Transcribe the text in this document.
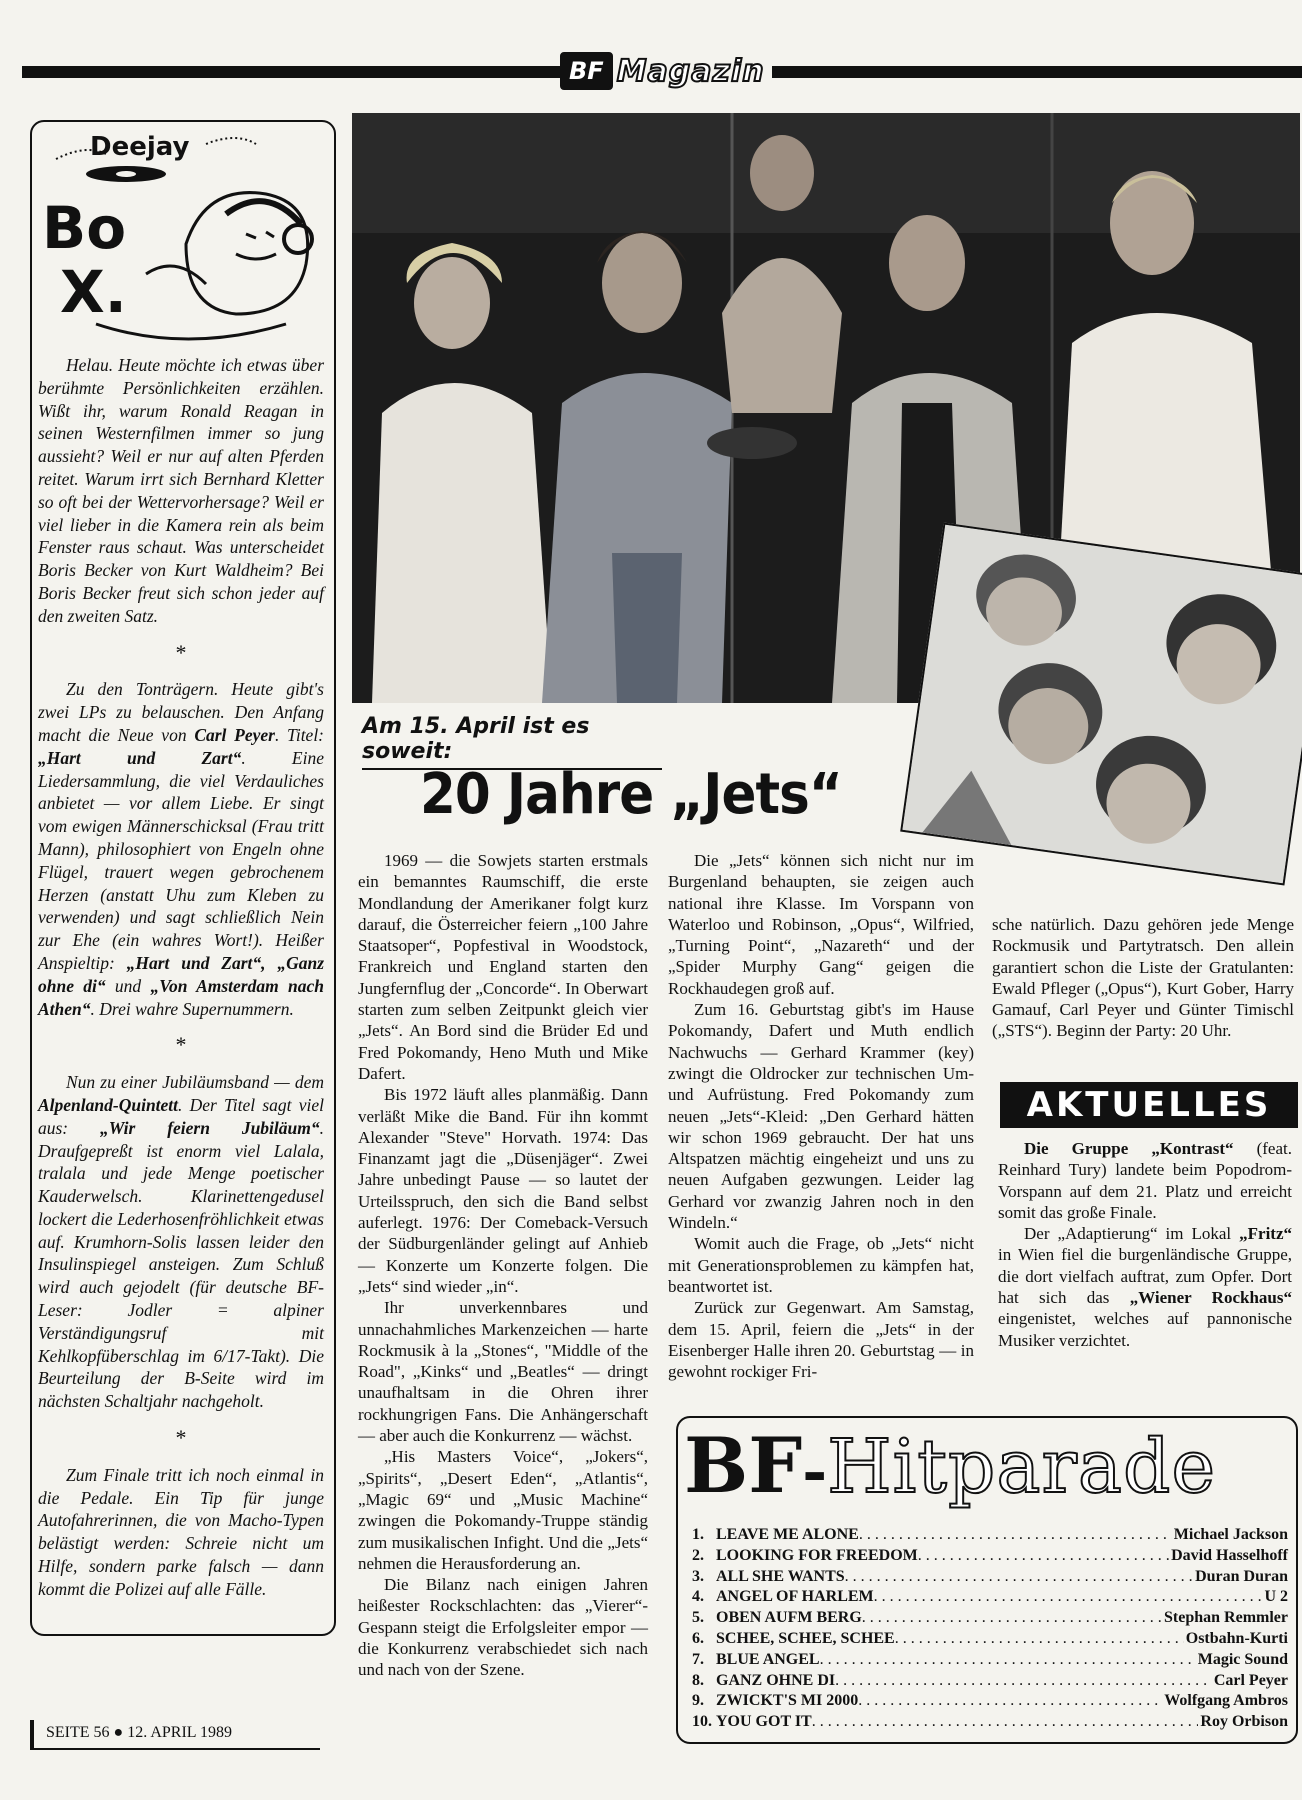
BF Magazin
Deejay
Bo
X.

Helau. Heute möchte ich etwas über berühmte Persönlichkeiten erzählen. Wißt ihr, warum Ronald Reagan in seinen Westernfilmen immer so jung aussieht? Weil er nur auf alten Pferden reitet. Warum irrt sich Bernhard Kletter so oft bei der Wettervorhersage? Weil er viel lieber in die Kamera rein als beim Fenster raus schaut. Was unterscheidet Boris Becker von Kurt Waldheim? Bei Boris Becker freut sich schon jeder auf den zweiten Satz.

*

Zu den Tonträgern. Heute gibt's zwei LPs zu belauschen. Den Anfang macht die Neue von Carl Peyer. Titel: „Hart und Zart“. Eine Liedersammlung, die viel Verdauliches anbietet — vor allem Liebe. Er singt vom ewigen Männerschicksal (Frau tritt Mann), philosophiert von Engeln ohne Flügel, trauert wegen gebrochenem Herzen (anstatt Uhu zum Kleben zu verwenden) und sagt schließlich Nein zur Ehe (ein wahres Wort!). Heißer Anspieltip: „Hart und Zart“, „Ganz ohne di“ und „Von Amsterdam nach Athen“. Drei wahre Supernummern.

*

Nun zu einer Jubiläumsband — dem Alpenland-Quintett. Der Titel sagt viel aus: „Wir feiern Jubiläum“. Draufgepreßt ist enorm viel Lalala, tralala und jede Menge poetischer Kauderwelsch. Klarinettengedusel lockert die Lederhosenfröhlichkeit etwas auf. Krumhorn-Solis lassen leider den Insulinspiegel ansteigen. Zum Schluß wird auch gejodelt (für deutsche BF-Leser: Jodler = alpiner Verständigungsruf mit Kehlkopfüberschlag im 6/17-Takt). Die Beurteilung der B-Seite wird im nächsten Schaltjahr nachgeholt.

*

Zum Finale tritt ich noch einmal in die Pedale. Ein Tip für junge Autofahrerinnen, die von Macho-Typen belästigt werden: Schreie nicht um Hilfe, sondern parke falsch — dann kommt die Polizei auf alle Fälle.

SEITE 56 ● 12. APRIL 1989
Am 15. April ist es soweit:
20 Jahre „Jets“

1969 — die Sowjets starten erstmals ein bemanntes Raumschiff, die erste Mondlandung der Amerikaner folgt kurz darauf, die Österreicher feiern „100 Jahre Staatsoper“, Popfestival in Woodstock, Frankreich und England starten den Jungfernflug der „Concorde“. In Oberwart starten zum selben Zeitpunkt gleich vier „Jets“. An Bord sind die Brüder Ed und Fred Pokomandy, Heno Muth und Mike Dafert.

Bis 1972 läuft alles planmäßig. Dann verläßt Mike die Band. Für ihn kommt Alexander "Steve" Horvath. 1974: Das Finanzamt jagt die „Düsenjäger“. Zwei Jahre unbedingt Pause — so lautet der Urteilsspruch, den sich die Band selbst auferlegt. 1976: Der Comeback-Versuch der Südburgenländer gelingt auf Anhieb — Konzerte um Konzerte folgen. Die „Jets“ sind wieder „in“.

Ihr unverkennbares und unnachahmliches Markenzeichen — harte Rockmusik à la „Stones“, "Middle of the Road", „Kinks“ und „Beatles“ — dringt unaufhaltsam in die Ohren ihrer rockhungrigen Fans. Die Anhängerschaft — aber auch die Konkurrenz — wächst.

„His Masters Voice“, „Jokers“, „Spirits“, „Desert Eden“, „Atlantis“, „Magic 69“ und „Music Machine“ zwingen die Pokomandy-Truppe ständig zum musikalischen Infight. Und die „Jets“ nehmen die Herausforderung an.

Die Bilanz nach einigen Jahren heißester Rockschlachten: das „Vierer“-Gespann steigt die Erfolgsleiter empor — die Konkurrenz verabschiedet sich nach und nach von der Szene.

Die „Jets“ können sich nicht nur im Burgenland behaupten, sie zeigen auch national ihre Klasse. Im Vorspann von Waterloo und Robinson, „Opus“, Wilfried, „Turning Point“, „Nazareth“ und der „Spider Murphy Gang“ geigen die Rockhaudegen groß auf.

Zum 16. Geburtstag gibt's im Hause Pokomandy, Dafert und Muth endlich Nachwuchs — Gerhard Krammer (key) zwingt die Oldrocker zur technischen Um- und Aufrüstung. Fred Pokomandy zum neuen „Jets“-Kleid: „Den Gerhard hätten wir schon 1969 gebraucht. Der hat uns Altspatzen mächtig eingeheizt und uns zu neuen Aufgaben gezwungen. Leider lag Gerhard vor zwanzig Jahren noch in den Windeln.“

Womit auch die Frage, ob „Jets“ nicht mit Generationsproblemen zu kämpfen hat, beantwortet ist.

Zurück zur Gegenwart. Am Samstag, dem 15. April, feiern die „Jets“ in der Eisenberger Halle ihren 20. Geburtstag — in gewohnt rockiger Fri-

sche natürlich. Dazu gehören jede Menge Rockmusik und Partytratsch. Den allein garantiert schon die Liste der Gratulanten: Ewald Pfleger („Opus“), Kurt Gober, Harry Gamauf, Carl Peyer und Günter Timischl („STS“). Beginn der Party: 20 Uhr.

AKTUELLES

Die Gruppe „Kontrast“ (feat. Reinhard Tury) landete beim Popodrom-Vorspann auf dem 21. Platz und erreicht somit das große Finale.

Der „Adaptierung“ im Lokal „Fritz“ in Wien fiel die burgenländische Gruppe, die dort vielfach auftrat, zum Opfer. Dort hat sich das „Wiener Rockhaus“ eingenistet, welches auf pannonische Musiker verzichtet.

BF - Hitparade
1. LEAVE ME ALONE . . .	Michael Jackson
2. LOOKING FOR FREEDOM . . .	David Hasselhoff
3. ALL SHE WANTS . . .	Duran Duran
4. ANGEL OF HARLEM . . .	U 2
5. OBEN AUFM BERG . . .	Stephan Remmler
6. SCHEE, SCHEE, SCHEE . . .	Ostbahn-Kurti
7. BLUE ANGEL . . .	Magic Sound
8. GANZ OHNE DI . . .	Carl Peyer
9. ZWICKT'S MI 2000 . . .	Wolfgang Ambros
10. YOU GOT IT . . .	Roy Orbison
